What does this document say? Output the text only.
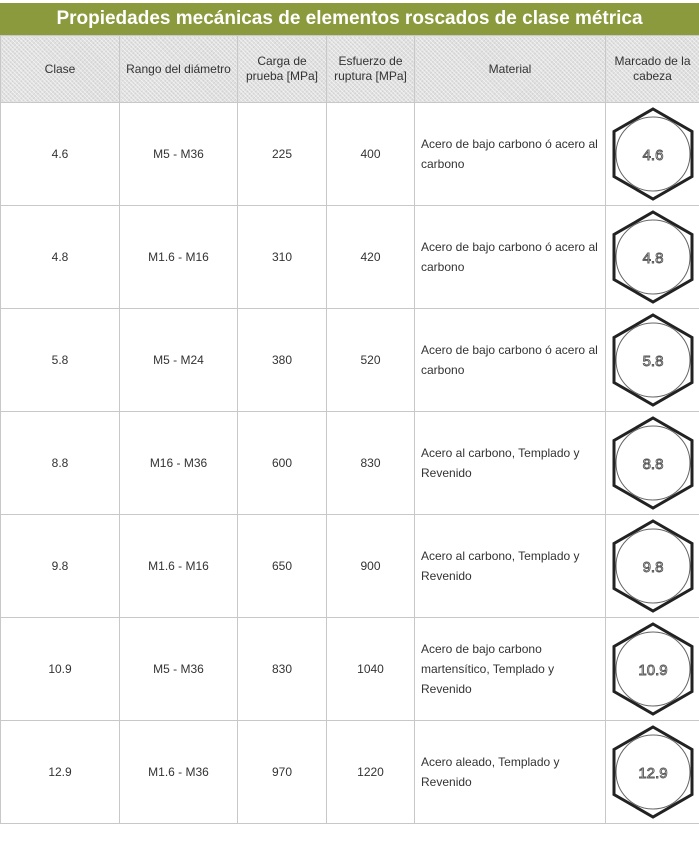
Propiedades mecánicas de elementos roscados de clase métrica
Clase	Rango del diámetro	Carga de prueba [MPa]	Esfuerzo de ruptura [MPa]	Material	Marcado de la cabeza
4.6	M5 - M36	225	400	Acero de bajo carbono ó acero al carbono	4.6

4.8	M1.6 - M16	310	420	Acero de bajo carbono ó acero al carbono	4.8

5.8	M5 - M24	380	520	Acero de bajo carbono ó acero al carbono	5.8

8.8	M16 - M36	600	830	Acero al carbono, Templado y Revenido	8.8

9.8	M1.6 - M16	650	900	Acero al carbono, Templado y Revenido	9.8

10.9	M5 - M36	830	1040	Acero de bajo carbono martensítico, Templado y Revenido	10.9

12.9	M1.6 - M36	970	1220	Acero aleado, Templado y Revenido	12.9
